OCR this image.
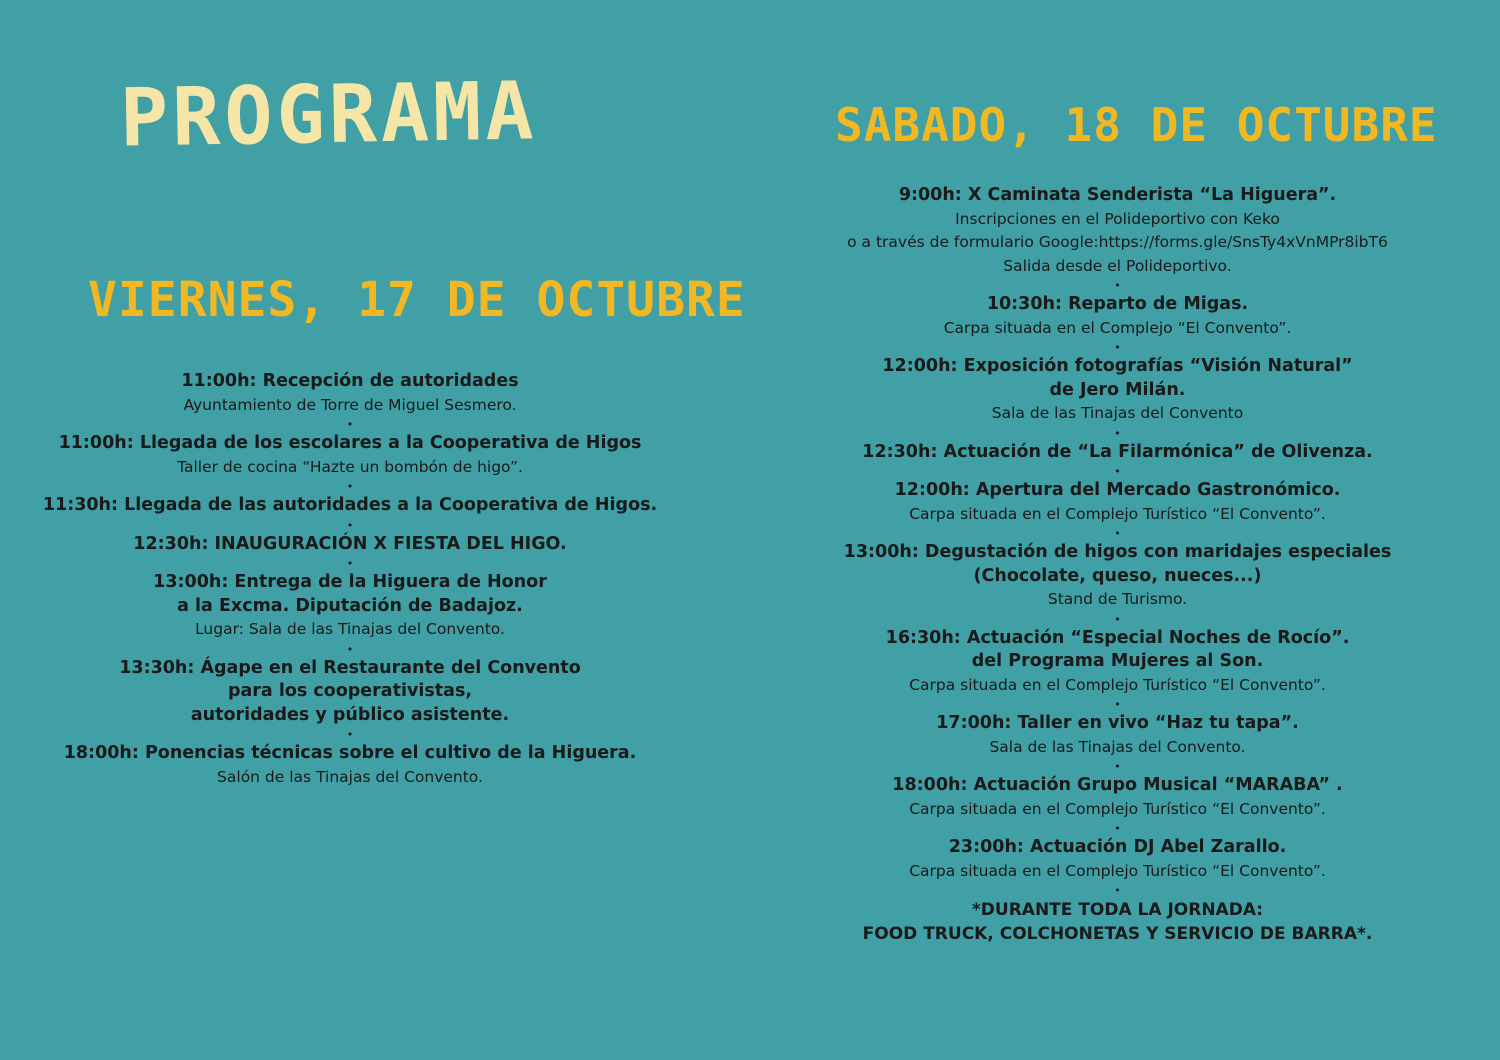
PROGRAMA
VIERNES, 17 DE OCTUBRE
SABADO, 18 DE OCTUBRE

11:00h: Recepción de autoridades

Ayuntamiento de Torre de Miguel Sesmero.

•

11:00h: Llegada de los escolares a la Cooperativa de Higos

Taller de cocina “Hazte un bombón de higo”.

•

11:30h: Llegada de las autoridades a la Cooperativa de Higos.

•

12:30h: INAUGURACIÓN X FIESTA DEL HIGO.

•

13:00h: Entrega de la Higuera de Honor

a la Excma. Diputación de Badajoz.

Lugar: Sala de las Tinajas del Convento.

•

13:30h: Ágape en el Restaurante del Convento

para los cooperativistas,

autoridades y público asistente.

•

18:00h: Ponencias técnicas sobre el cultivo de la Higuera.

Salón de las Tinajas del Convento.

9:00h: X Caminata Senderista “La Higuera”.

Inscripciones en el Polideportivo con Keko

o a través de formulario Google:https://forms.gle/SnsTy4xVnMPr8ibT6

Salida desde el Polideportivo.

•

10:30h: Reparto de Migas.

Carpa situada en el Complejo “El Convento”.

•

12:00h: Exposición fotografías “Visión Natural”

de Jero Milán.

Sala de las Tinajas del Convento

•

12:30h: Actuación de “La Filarmónica” de Olivenza.

•

12:00h: Apertura del Mercado Gastronómico.

Carpa situada en el Complejo Turístico “El Convento”.

•

13:00h: Degustación de higos con maridajes especiales

(Chocolate, queso, nueces...)

Stand de Turismo.

•

16:30h: Actuación “Especial Noches de Rocío”.

del Programa Mujeres al Son.

Carpa situada en el Complejo Turístico “El Convento”.

•

17:00h: Taller en vivo “Haz tu tapa”.

Sala de las Tinajas del Convento.

•

18:00h: Actuación Grupo Musical “MARABA” .

Carpa situada en el Complejo Turístico “El Convento”.

•

23:00h: Actuación DJ Abel Zarallo.

Carpa situada en el Complejo Turístico “El Convento”.

•

*DURANTE TODA LA JORNADA:

FOOD TRUCK, COLCHONETAS Y SERVICIO DE BARRA*.
